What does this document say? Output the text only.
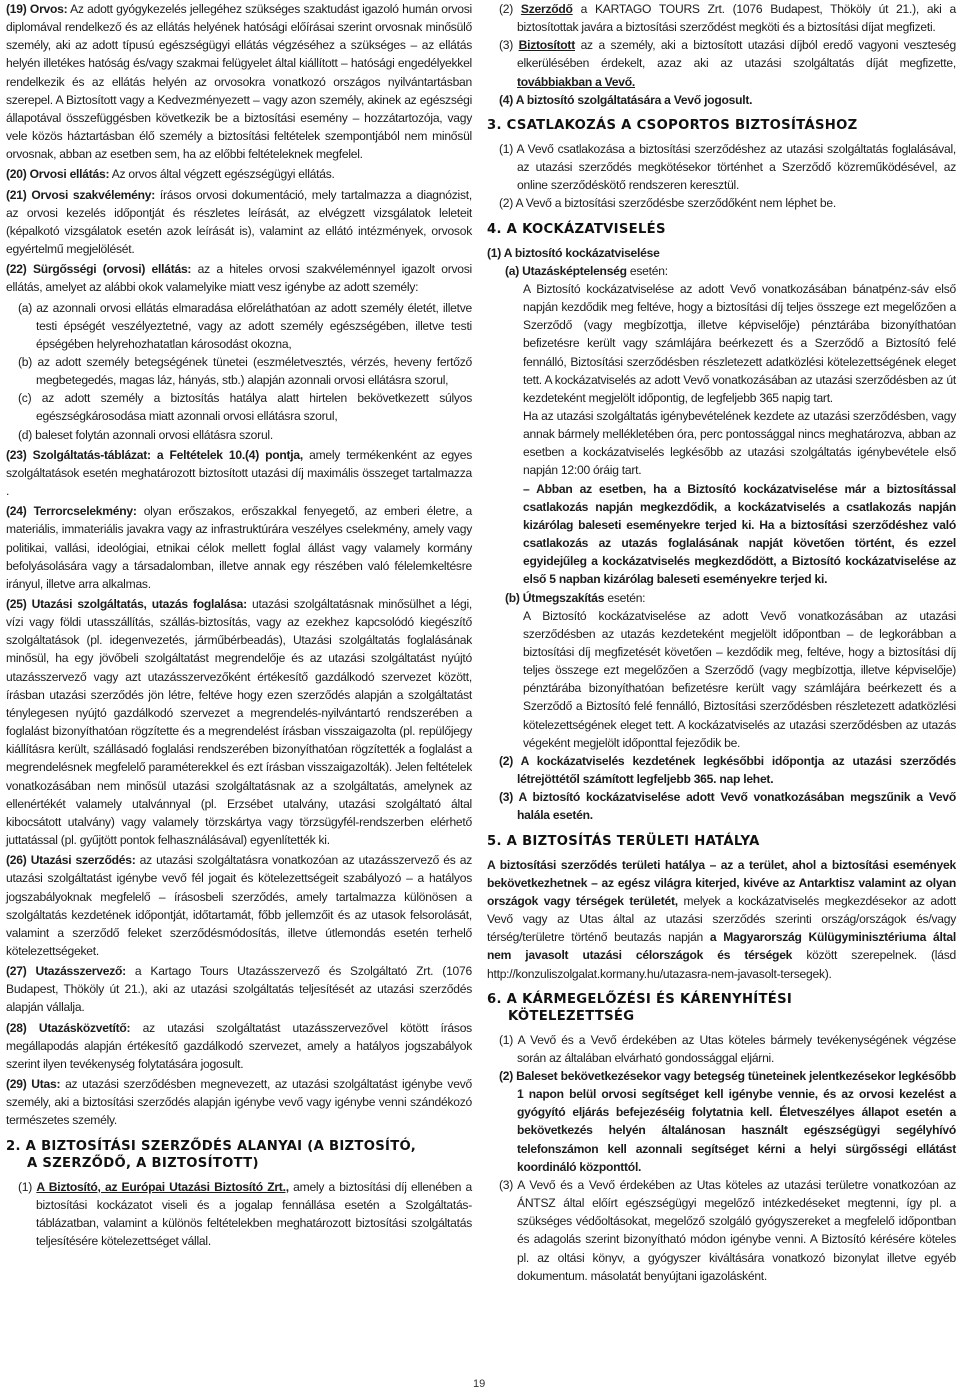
(19) Orvos: Az adott gyógykezelés jellegéhez szükséges szaktudást igazoló humán orvosi diplomával rendelkező és az ellátás helyének hatósági előírásai szerint orvosnak minősülő személy, aki az adott típusú egészségügyi ellátás végzéséhez a szükséges – az ellátás helyén illetékes hatóság és/vagy szakmai felügyelet által kiállított – hatósági engedélyekkel rendelkezik és az ellátás helyén az orvosokra vonatkozó országos nyilvántartásban szerepel. A Biztosított vagy a Kedvezményezett – vagy azon személy, akinek az egészségi állapotával összefüggésben következik be a biztosítási esemény – hozzátartozója, vagy vele közös háztartásban élő személy a biztosítási feltételek szempontjából nem minősül orvosnak, abban az esetben sem, ha az előbbi feltételeknek megfelel.

(20) Orvosi ellátás: Az orvos által végzett egészségügyi ellátás.

(21) Orvosi szakvélemény: írásos orvosi dokumentáció, mely tartalmazza a diagnózist, az orvosi kezelés időpontját és részletes leírását, az elvégzett vizsgálatok leleteit (képalkotó vizsgálatok esetén azok leírását is), valamint az ellátó intézmények, orvosok egyértelmű megjelölését.

(22) Sürgősségi (orvosi) ellátás: az a hiteles orvosi szakvéleménnyel igazolt orvosi ellátás, amelyet az alábbi okok valamelyike miatt vesz igénybe az adott személy:

(a) az azonnali orvosi ellátás elmaradása előreláthatóan az adott személy életét, illetve testi épségét veszélyeztetné, vagy az adott személy egészségében, illetve testi épségében helyrehozhatatlan károsodást okozna,

(b) az adott személy betegségének tünetei (eszméletvesztés, vérzés, heveny fertőző megbetegedés, magas láz, hányás, stb.) alapján azonnali orvosi ellátásra szorul,

(c) az adott személy a biztosítás hatálya alatt hirtelen bekövetkezett súlyos egészségkárosodása miatt azonnali orvosi ellátásra szorul,

(d) baleset folytán azonnali orvosi ellátásra szorul.

(23) Szolgáltatás-táblázat: a Feltételek 10.(4) pontja, amely termékenként az egyes szolgáltatások esetén meghatározott biztosított utazási díj maximális összeget tartalmazza .

(24) Terrorcselekmény: olyan erőszakos, erőszakkal fenyegető, az emberi életre, a materiális, immateriális javakra vagy az infrastruktúrára veszélyes cselekmény, amely vagy politikai, vallási, ideológiai, etnikai célok mellett foglal állást vagy valamely kormány befolyásolására vagy a társadalomban, illetve annak egy részében való félelemkeltésre irányul, illetve arra alkalmas.

(25) Utazási szolgáltatás, utazás foglalása: utazási szolgáltatásnak minősülhet a légi, vízi vagy földi utasszállítás, szállás-biztosítás, vagy az ezekhez kapcsolódó kiegészítő szolgáltatások (pl. idegenvezetés, járműbérbeadás), Utazási szolgáltatás foglalásának minősül, ha egy jövőbeli szolgáltatást megrendelője és az utazási szolgáltatást nyújtó utazásszervező vagy azt utazásszervezőként értékesítő gazdálkodó szervezet között, írásban utazási szerződés jön létre, feltéve hogy ezen szerződés alapján a szolgáltatást ténylegesen nyújtó gazdálkodó szervezet a megrendelés-nyilvántartó rendszerében a foglalást bizonyíthatóan rögzítette és a megrendelést írásban visszaigazolta (pl. repülőjegy kiállításra került, szállásadó foglalási rendszerében bizonyíthatóan rögzítették a foglalást a megrendelésnek megfelelő paraméterekkel és ezt írásban visszaigazolták). Jelen feltételek vonatkozásában nem minősül utazási szolgáltatásnak az a szolgáltatás, amelynek az ellenértékét valamely utalvánnyal (pl. Erzsébet utalvány, utazási szolgáltató által kibocsátott utalvány) vagy valamely törzskártya vagy törzsügyfél-rendszerben elérhető juttatással (pl. gyűjtött pontok felhasználásával) egyenlítették ki.

(26) Utazási szerződés: az utazási szolgáltatásra vonatkozóan az utazásszervező és az utazási szolgáltatást igénybe vevő fél jogait és kötelezettségeit szabályozó – a hatályos jogszabályoknak megfelelő – írásosbeli szerződés, amely tartalmazza különösen a szolgáltatás kezdetének időpontját, időtartamát, főbb jellemzőit és az utasok felsorolását, valamint a szerződő feleket szerződésmódosítás, illetve útlemondás esetén terhelő kötelezettségeket.

(27) Utazásszervező: a Kartago Tours Utazásszervező és Szolgáltató Zrt. (1076 Budapest, Thököly út 21.), aki az utazási szolgáltatás teljesítését az utazási szerződés alapján vállalja.

(28) Utazásközvetítő: az utazási szolgáltatást utazásszervezővel kötött írásos megállapodás alapján értékesítő gazdálkodó szervezet, amely a hatályos jogszabályok szerint ilyen tevékenység folytatására jogosult.

(29) Utas: az utazási szerződésben megnevezett, az utazási szolgáltatást igénybe vevő személy, aki a biztosítási szerződés alapján igénybe vevő vagy igénybe venni szándékozó természetes személy.

2. A BIZTOSÍTÁSI SZERZŐDÉS ALANYAI (A BIZTOSÍTÓ,
A SZERZŐDŐ, A BIZTOSÍTOTT)

(1) A Biztosító, az Európai Utazási Biztosító Zrt., amely a biztosítási díj ellenében a biztosítási kockázatot viseli és a jogalap fennállása esetén a Szolgáltatás-táblázatban, valamint a különös feltételekben meghatározott biztosítási szolgáltatás teljesítésére kötelezettséget vállal.

(2) Szerződő a KARTAGO TOURS Zrt. (1076 Budapest, Thököly út 21.), aki a biztosítottak javára a biztosítási szerződést megköti és a biztosítási díjat megfizeti.

(3) Biztosított az a személy, aki a biztosított utazási díjból eredő vagyoni veszteség elkerülésében érdekelt, azaz aki az utazási szolgáltatás díját megfizette, továbbiakban a Vevő.

(4) A biztosító szolgáltatására a Vevő jogosult.

3. CSATLAKOZÁS A CSOPORTOS BIZTOSÍTÁSHOZ

(1) A Vevő csatlakozása a biztosítási szerződéshez az utazási szolgáltatás foglalásával, az utazási szerződés megkötésekor történhet a Szerződő közreműködésével, az online szerződéskötő rendszeren keresztül.

(2) A Vevő a biztosítási szerződésbe szerződőként nem léphet be.

4. A KOCKÁZATVISELÉS

(1) A biztosító kockázatviselése

(a) Utazásképtelenség esetén:

A Biztosító kockázatviselése az adott Vevő vonatkozásában bánatpénz-sáv első napján kezdődik meg feltéve, hogy a biztosítási díj teljes összege ezt megelőzően a Szerződő (vagy megbízottja, illetve képviselője) pénztárába bizonyíthatóan befizetésre került vagy számlájára beérkezett és a Szerződő a Biztosító felé fennálló, Biztosítási szerződésben részletezett adatközlési kötelezettségének eleget tett. A kockázatviselés az adott Vevő vonatkozásában az utazási szerződésben az út kezdeteként megjelölt időpontig, de legfeljebb 365 napig tart.

Ha az utazási szolgáltatás igénybevételének kezdete az utazási szerződésben, vagy annak bármely mellékletében óra, perc pontossággal nincs meghatározva, abban az esetben a kockázatviselés legkésőbb az utazási szolgáltatás igénybevétele első napján 12:00 óráig tart.

– Abban az esetben, ha a Biztosító kockázatviselése már a biztosítással csatlakozás napján megkezdődik, a kockázatviselés a csatlakozás napján kizárólag baleseti eseményekre terjed ki. Ha a biztosítási szerződéshez való csatlakozás az utazás foglalásának napját követően történt, és ezzel egyidejűleg a kockázatviselés megkezdődött, a Biztosító kockázatviselése az első 5 napban kizárólag baleseti eseményekre terjed ki.

(b) Útmegszakítás esetén:

A Biztosító kockázatviselése az adott Vevő vonatkozásában az utazási szerződésben az utazás kezdeteként megjelölt időpontban – de legkorábban a biztosítási díj megfizetését követően – kezdődik meg, feltéve, hogy a biztosítási díj teljes összege ezt megelőzően a Szerződő (vagy megbízottja, illetve képviselője) pénztárába bizonyíthatóan befizetésre került vagy számlájára beérkezett és a Szerződő a Biztosító felé fennálló, Biztosítási szerződésben részletezett adatközlési kötelezettségének eleget tett. A kockázatviselés az utazási szerződésben az utazás végeként megjelölt időponttal fejeződik be.

(2) A kockázatviselés kezdetének legkésőbbi időpontja az utazási szerződés létrejöttétől számított legfeljebb 365. nap lehet.

(3) A biztosító kockázatviselése adott Vevő vonatkozásában megszűnik a Vevő halála esetén.

5. A BIZTOSÍTÁS TERÜLETI HATÁLYA

A biztosítási szerződés területi hatálya – az a terület, ahol a biztosítási események bekövetkezhetnek – az egész világra kiterjed, kivéve az Antarktisz valamint az olyan országok vagy térségek területét, melyek a kockázatviselés megkezdésekor az adott Vevő vagy az Utas által az utazási szerződés szerinti ország/országok és/vagy térség/területre történő beutazás napján a Magyarország Külügyminisztériuma által nem javasolt utazási célországok és térségek között szerepelnek. (lásd http://konzuliszolgalat.kormany.hu/utazasra-nem-javasolt-tersegek).

6. A KÁRMEGELŐZÉSI ÉS KÁRENYHÍTÉSI
KÖTELEZETTSÉG

(1) A Vevő és a Vevő érdekében az Utas köteles bármely tevékenységének végzése során az általában elvárható gondossággal eljárni.

(2) Baleset bekövetkezésekor vagy betegség tüneteinek jelentkezésekor legkésőbb 1 napon belül orvosi segítséget kell igénybe vennie, és az orvosi kezelést a gyógyító eljárás befejezéséig folytatnia kell. Életveszélyes állapot esetén a bekövetkezés helyén általánosan használt egészségügyi segélyhívó telefonszámon kell azonnali segítséget kérni a helyi sürgősségi ellátást koordináló központtól.

(3) A Vevő és a Vevő érdekében az Utas köteles az utazási területre vonatkozóan az ÁNTSZ által előírt egészségügyi megelőző intézkedéseket megtenni, így pl. a szükséges védőoltásokat, megelőző szolgáló gyógyszereket a megfelelő időpontban és adagolás szerint bizonyítható módon igénybe venni. A Biztosító kérésére köteles pl. az oltási könyv, a gyógyszer kiváltására vonatkozó bizonylat illetve egyéb dokumentum. másolatát benyújtani igazolásként.

19
